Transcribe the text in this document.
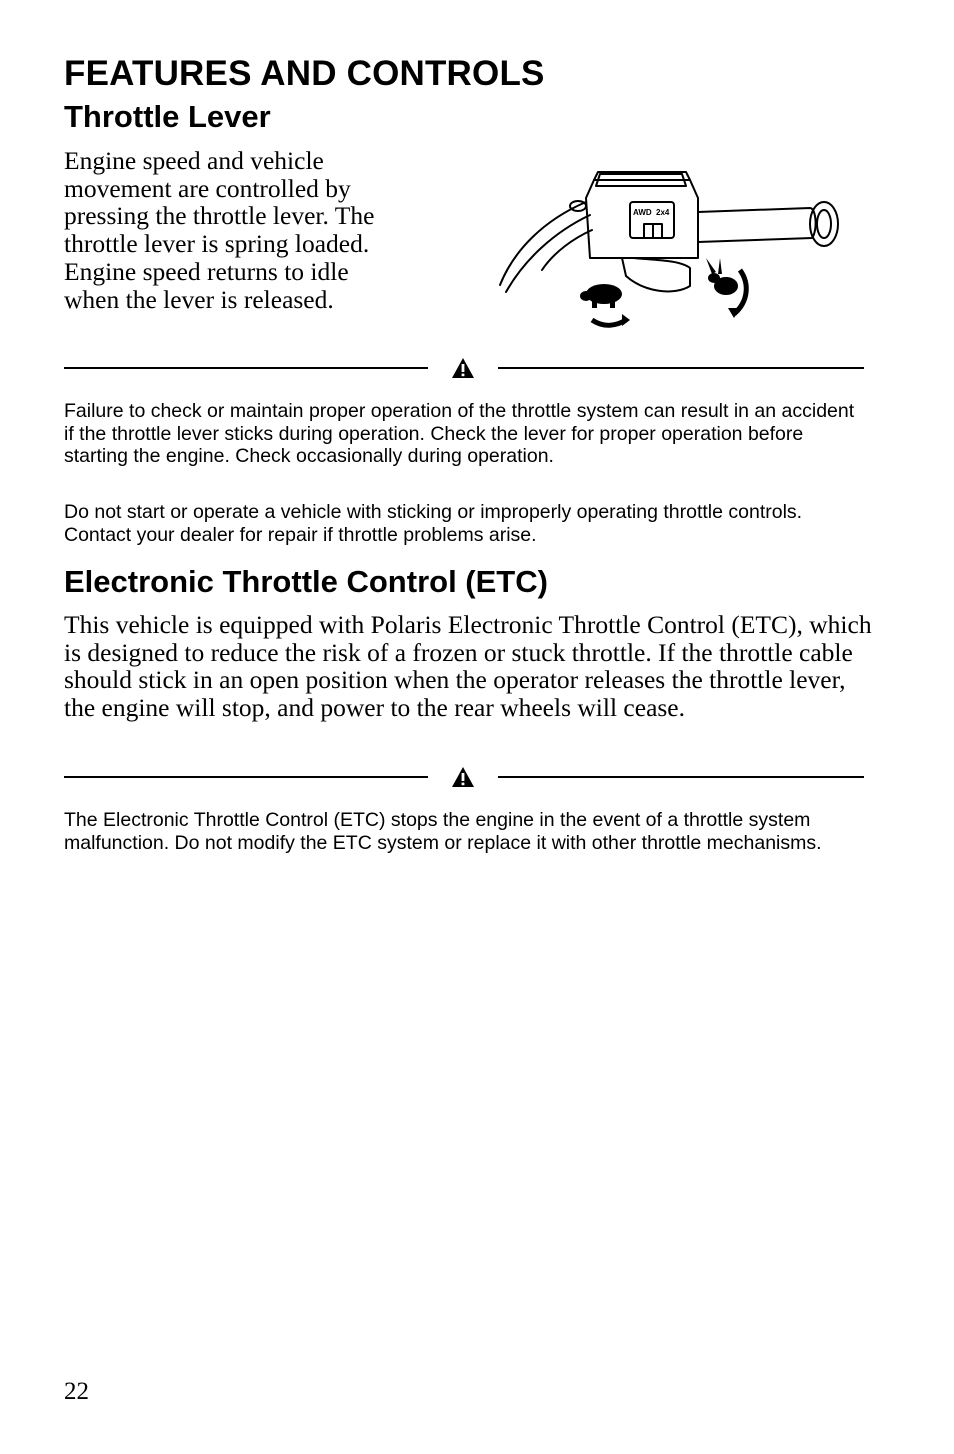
FEATURES AND CONTROLS
Throttle Lever

Engine speed and vehicle movement are controlled by pressing the throttle lever. The throttle lever is spring loaded. Engine speed returns to idle when the lever is released.

AWD 2x4

Failure to check or maintain proper operation of the throttle system can result in an accident if the throttle lever sticks during operation. Check the lever for proper operation before starting the engine. Check occasionally during operation.

Do not start or operate a vehicle with sticking or improperly operating throttle controls. Contact your dealer for repair if throttle problems arise.

Electronic Throttle Control (ETC)

This vehicle is equipped with Polaris Electronic Throttle Control (ETC), which is designed to reduce the risk of a frozen or stuck throttle. If the throttle cable should stick in an open position when the operator releases the throttle lever, the engine will stop, and power to the rear wheels will cease.

The Electronic Throttle Control (ETC) stops the engine in the event of a throttle system malfunction. Do not modify the ETC system or replace it with other throttle mechanisms.

22
